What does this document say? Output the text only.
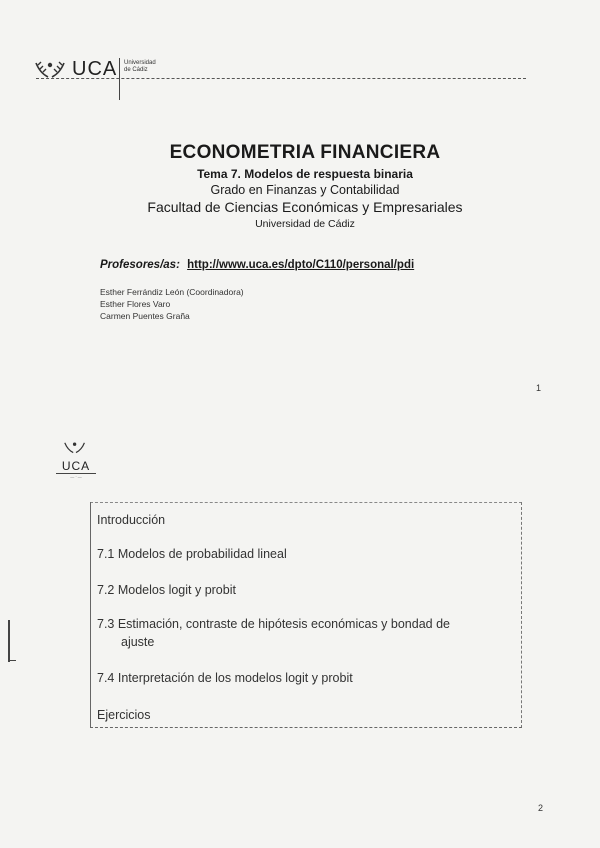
UCA Universidad
de Cádiz
ECONOMETRIA FINANCIERA
Tema 7. Modelos de respuesta binaria
Grado en Finanzas y Contabilidad
Facultad de Ciencias Económicas y Empresariales
Universidad de Cádiz
Profesores/as: http://www.uca.es/dpto/C110/personal/pdi
Esther Ferrándiz León (Coordinadora)
Esther Flores Varo
Carmen Puentes Graña
1
UCA
— · —
Introducción
7.1 Modelos de probabilidad lineal
7.2 Modelos logit y probit
7.3 Estimación, contraste de hipótesis económicas y bondad de
ajuste
7.4 Interpretación de los modelos logit y probit
Ejercicios
2
